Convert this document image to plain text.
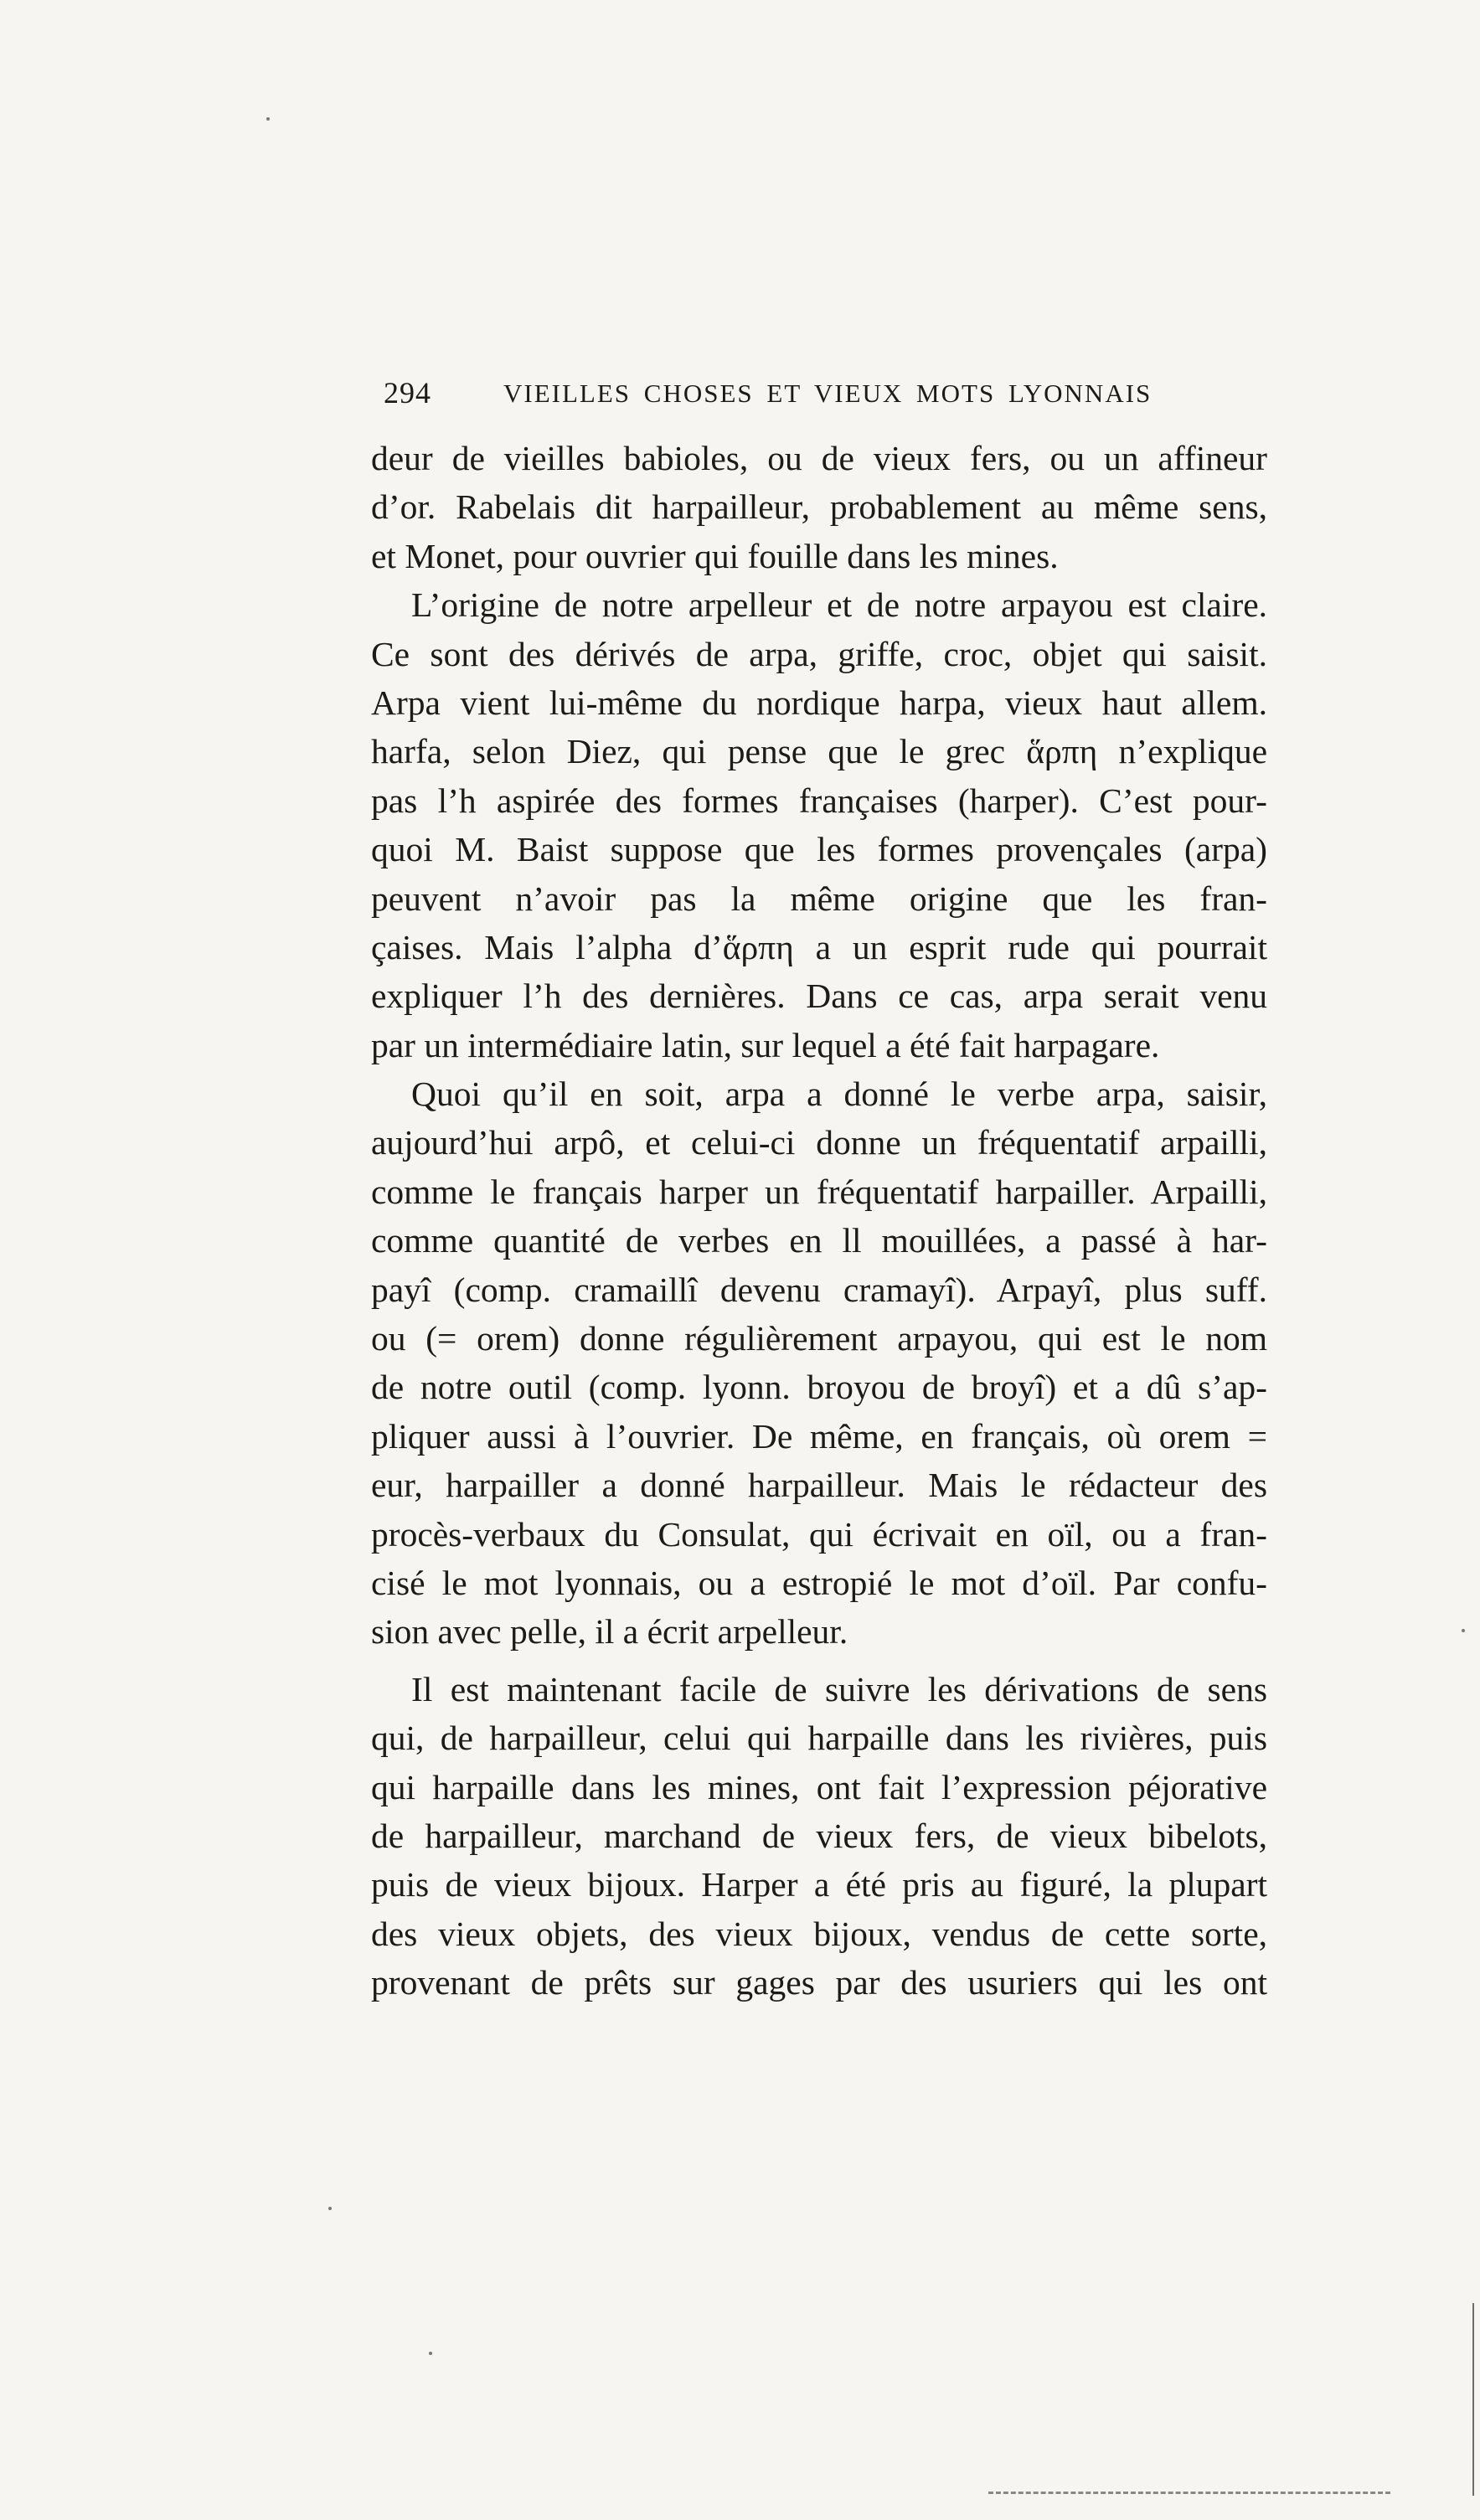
294	VIEILLES CHOSES ET VIEUX MOTS LYONNAIS
deur de vieilles babioles, ou de vieux fers, ou un affineur
d’or. Rabelais dit harpailleur, probablement au même sens,
et Monet, pour ouvrier qui fouille dans les mines.
L’origine de notre arpelleur et de notre arpayou est claire.
Ce sont des dérivés de arpa, griffe, croc, objet qui saisit.
Arpa vient lui-même du nordique harpa, vieux haut allem.
harfa, selon Diez, qui pense que le grec ἅρπη n’explique
pas l’h aspirée des formes françaises (harper). C’est pour-
quoi M. Baist suppose que les formes provençales (arpa)
peuvent n’avoir pas la même origine que les fran-
çaises. Mais l’alpha d’ἅρπη a un esprit rude qui pourrait
expliquer l’h des dernières. Dans ce cas, arpa serait venu
par un intermédiaire latin, sur lequel a été fait harpagare.
Quoi qu’il en soit, arpa a donné le verbe arpa, saisir,
aujourd’hui arpô, et celui-ci donne un fréquentatif arpailli,
comme le français harper un fréquentatif harpailler. Arpailli,
comme quantité de verbes en ll mouillées, a passé à har-
payî (comp. cramaillî devenu cramayî). Arpayî, plus suff.
ou (= orem) donne régulièrement arpayou, qui est le nom
de notre outil (comp. lyonn. broyou de broyî) et a dû s’ap-
pliquer aussi à l’ouvrier. De même, en français, où orem =
eur, harpailler a donné harpailleur. Mais le rédacteur des
procès-verbaux du Consulat, qui écrivait en oïl, ou a fran-
cisé le mot lyonnais, ou a estropié le mot d’oïl. Par confu-
sion avec pelle, il a écrit arpelleur.
Il est maintenant facile de suivre les dérivations de sens
qui, de harpailleur, celui qui harpaille dans les rivières, puis
qui harpaille dans les mines, ont fait l’expression péjorative
de harpailleur, marchand de vieux fers, de vieux bibelots,
puis de vieux bijoux. Harper a été pris au figuré, la plupart
des vieux objets, des vieux bijoux, vendus de cette sorte,
provenant de prêts sur gages par des usuriers qui les ont
